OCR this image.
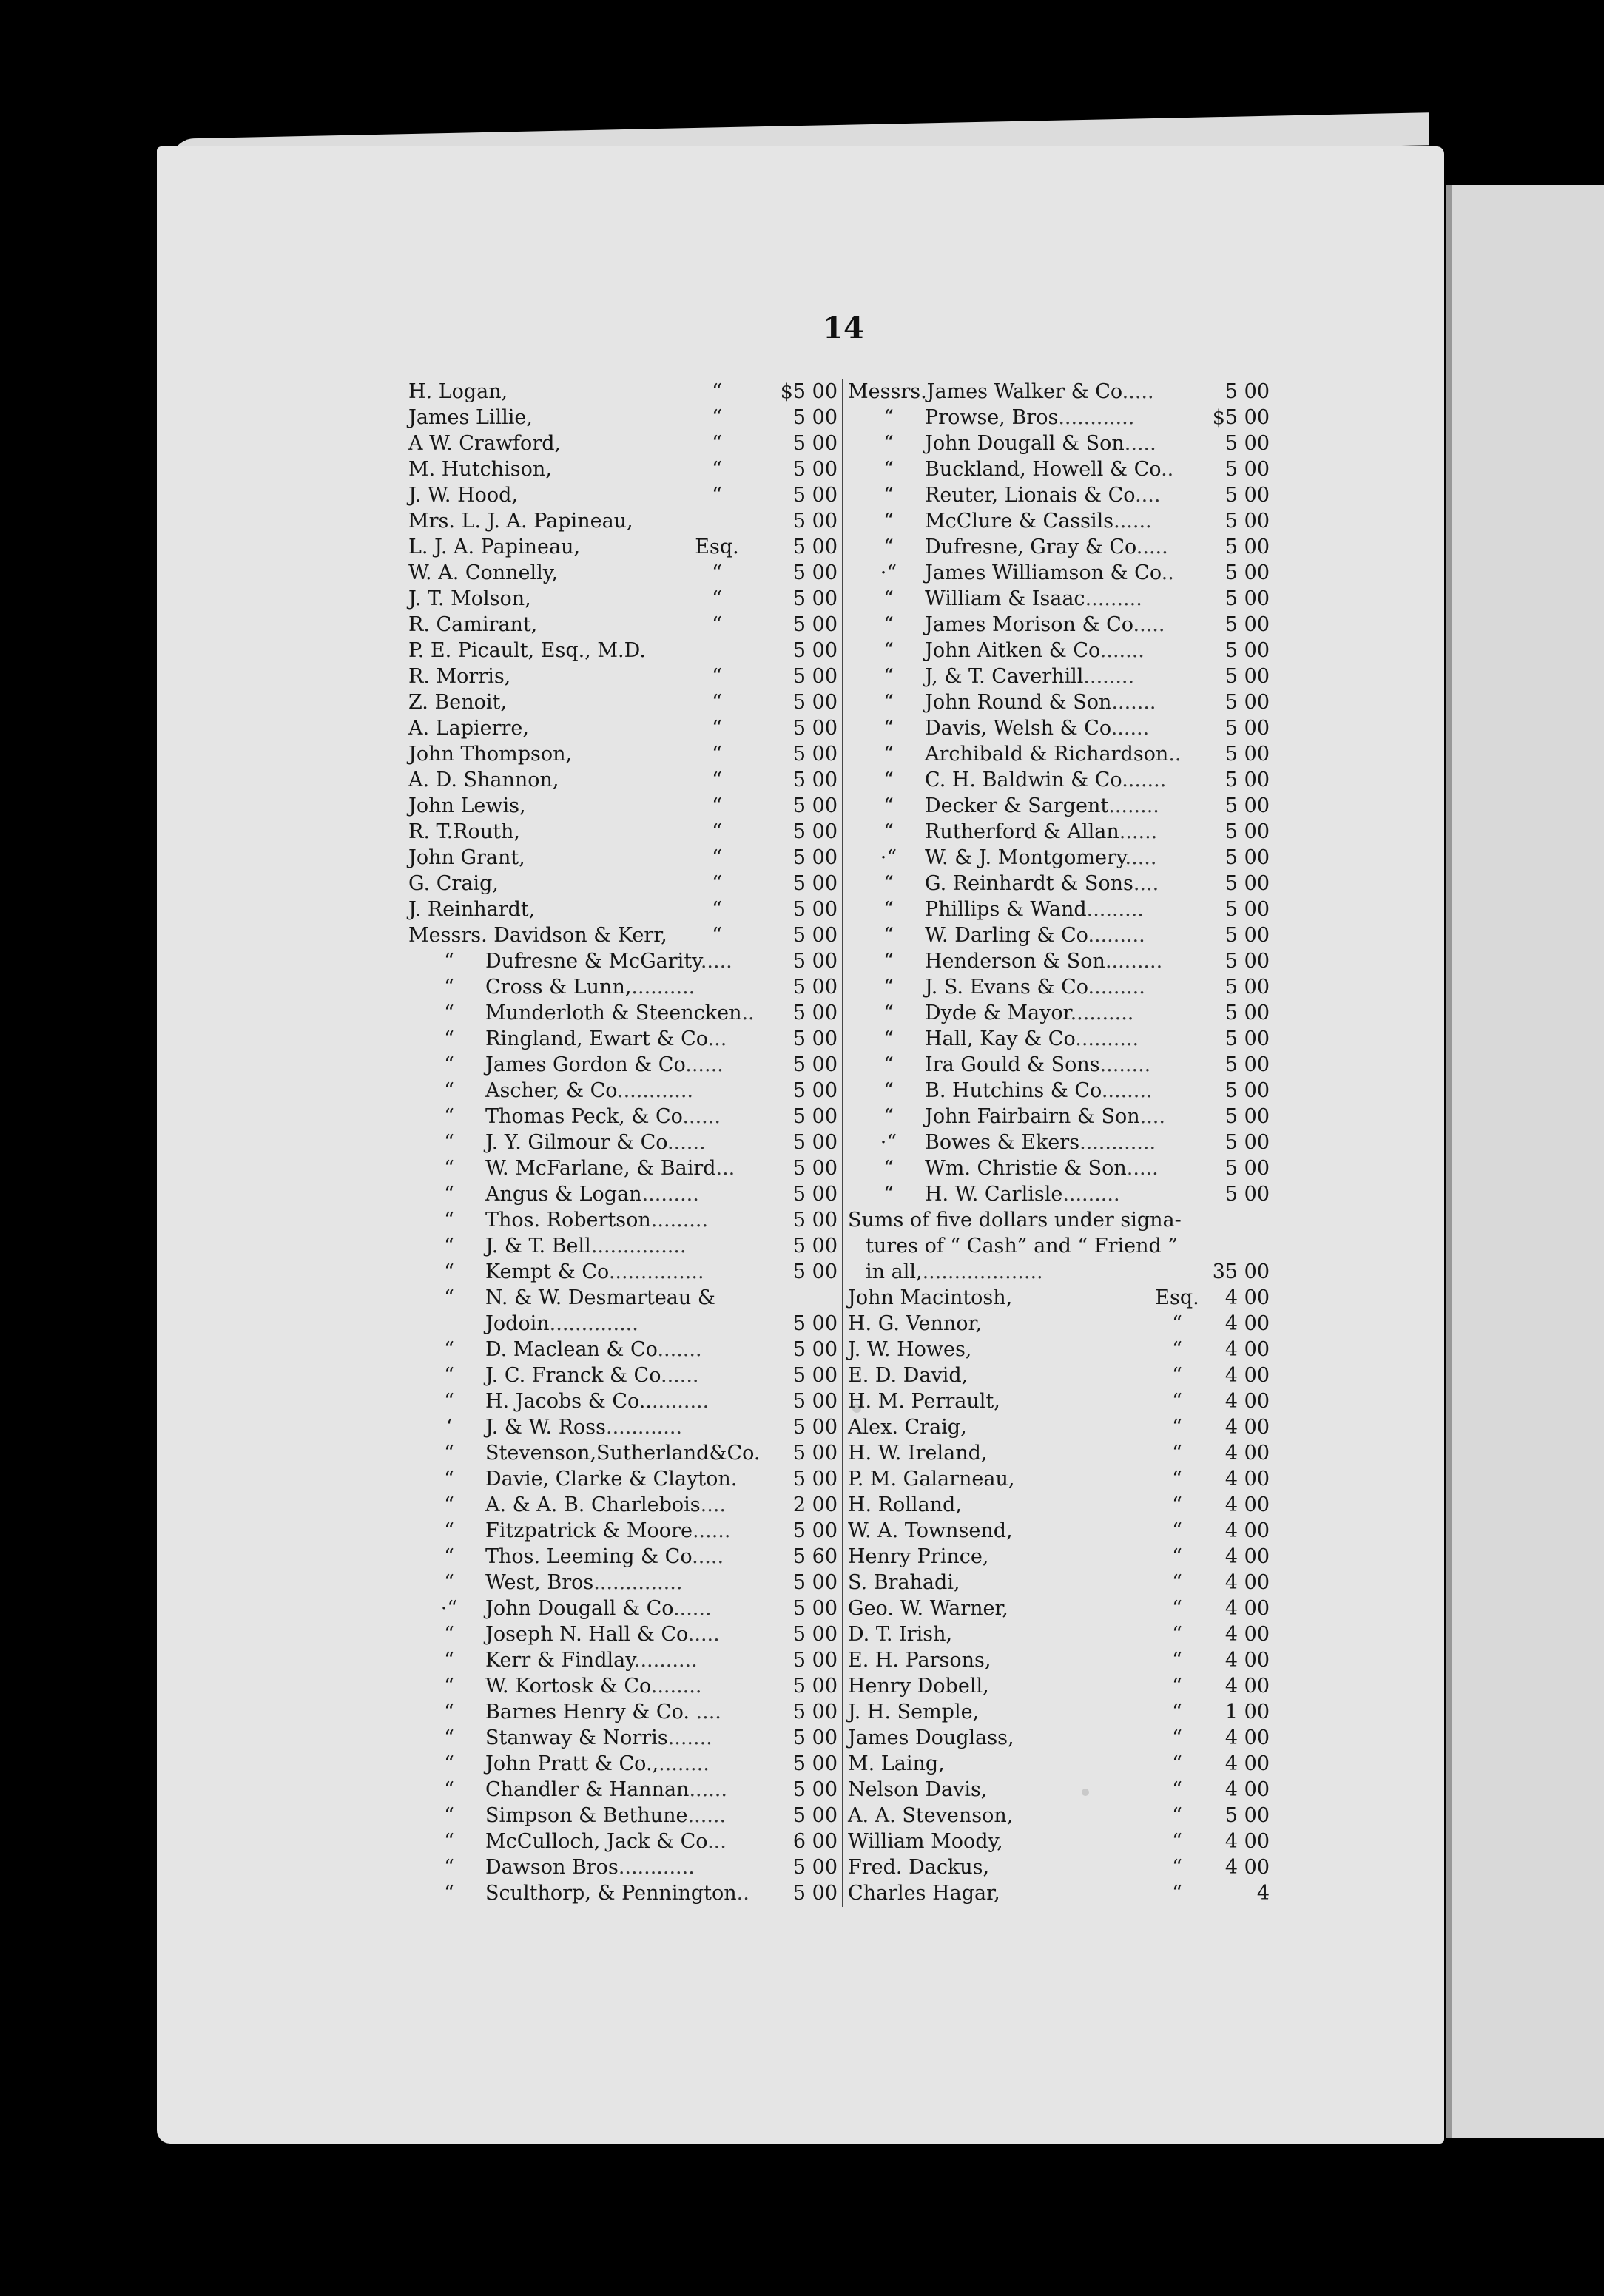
14
H. Logan,	“	$5 00
James Lillie,	“	5 00
A W. Crawford,	“	5 00
M. Hutchison,	“	5 00
J. W. Hood,	“	5 00
Mrs. L. J. A. Papineau,	5 00
L. J. A. Papineau,	Esq.	5 00
W. A. Connelly,	“	5 00
J. T. Molson,	“	5 00
R. Camirant,	“	5 00
P. E. Picault, Esq., M.D.	5 00
R. Morris,	“	5 00
Z. Benoit,	“	5 00
A. Lapierre,	“	5 00
John Thompson,	“	5 00
A. D. Shannon,	“	5 00
John Lewis,	“	5 00
R. T.Routh,	“	5 00
John Grant,	“	5 00
G. Craig,	“	5 00
J. Reinhardt,	“	5 00
Messrs. Davidson & Kerr,	“	5 00
“ Dufresne & McGarity.....	5 00
“ Cross & Lunn,..........	5 00
“ Munderloth & Steencken.. 5 00
“ Ringland, Ewart & Co...	5 00
“ James Gordon & Co......	5 00
“ Ascher, & Co............	5 00
“ Thomas Peck, & Co......	5 00
“ J. Y. Gilmour & Co......	5 00
“ W. McFarlane, & Baird...	5 00
“ Angus & Logan.........	5 00
“ Thos. Robertson.........	5 00
“ J. & T. Bell...............	5 00
“ Kempt & Co...............	5 00
“ N. & W. Desmarteau &
Jodoin..............	5 00
“ D. Maclean & Co.......	5 00
“ J. C. Franck & Co......	5 00
“ H. Jacobs & Co...........	5 00
‘	J. & W. Ross............	5 00
“ Stevenson,Sutherland&Co. 5 00
“ Davie, Clarke & Clayton.	5 00
“ A. & A. B. Charlebois....	2 00
“ Fitzpatrick & Moore......	5 00
“ Thos. Leeming & Co.....	5 60
“ West, Bros..............	5 00
·“ John Dougall & Co......	5 00
“ Joseph N. Hall & Co.....	5 00
“ Kerr & Findlay..........	5 00
“ W. Kortosk & Co........	5 00
“ Barnes Henry & Co. ....	5 00
“ Stanway & Norris.......	5 00
“ John Pratt & Co.,........	5 00
“ Chandler & Hannan......	5 00
“ Simpson & Bethune......	5 00
“ McCulloch, Jack & Co...	6 00
“ Dawson Bros............	5 00
“ Sculthorp, & Pennington.. 5 00
Messrs.James Walker & Co.....	5 00
“ Prowse, Bros............	$5 00
“ John Dougall & Son.....	5 00
“ Buckland, Howell & Co..	5 00
“ Reuter, Lionais & Co....	5 00
“ McClure & Cassils......	5 00
“ Dufresne, Gray & Co.....	5 00
·“ James Williamson & Co..	5 00
“ William & Isaac.........	5 00
“ James Morison & Co.....	5 00
“ John Aitken & Co.......	5 00
“ J, & T. Caverhill........	5 00
“ John Round & Son.......	5 00
“ Davis, Welsh & Co......	5 00
“ Archibald & Richardson.. 5 00
“ C. H. Baldwin & Co.......	5 00
“ Decker & Sargent........	5 00
“ Rutherford & Allan......	5 00
·“ W. & J. Montgomery.....	5 00
“ G. Reinhardt & Sons....	5 00
“ Phillips & Wand.........	5 00
“ W. Darling & Co.........	5 00
“ Henderson & Son.........	5 00
“ J. S. Evans & Co.........	5 00
“ Dyde & Mayor..........	5 00
“ Hall, Kay & Co..........	5 00
“ Ira Gould & Sons........	5 00
“ B. Hutchins & Co........	5 00
“ John Fairbairn & Son....	5 00
·“ Bowes & Ekers............	5 00
“ Wm. Christie & Son.....	5 00
“ H. W. Carlisle.........	5 00
Sums of five dollars under signa-
tures of “ Cash” and “ Friend ”
in all,...................	35 00
John Macintosh,	Esq. 4 00
H. G. Vennor,	“	4 00
J. W. Howes,	“	4 00
E. D. David,	“	4 00
H. M. Perrault,	“	4 00
Alex. Craig,	“	4 00
H. W. Ireland,	“	4 00
P. M. Galarneau,	“	4 00
H. Rolland,	“	4 00
W. A. Townsend,	“	4 00
Henry Prince,	“	4 00
S. Brahadi,	“	4 00
Geo. W. Warner,	“	4 00
D. T. Irish,	“	4 00
E. H. Parsons,	“	4 00
Henry Dobell,	“	4 00
J. H. Semple,	“	1 00
James Douglass,	“	4 00
M. Laing,	“	4 00
Nelson Davis,	“	4 00
A. A. Stevenson,	“	5 00
William Moody,	“	4 00
Fred. Dackus,	“	4 00
Charles Hagar,	“	4
